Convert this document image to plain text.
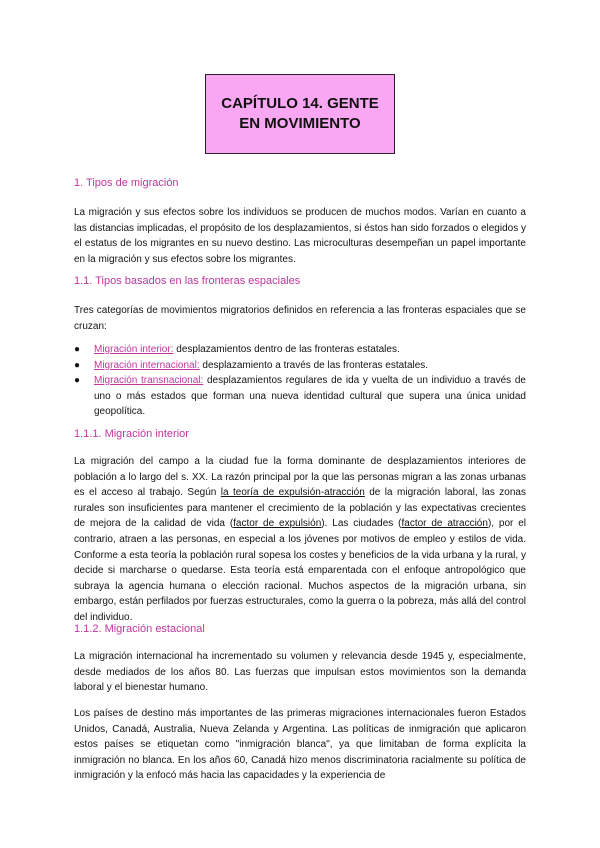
CAPÍTULO 14. GENTE
EN MOVIMIENTO
1. Tipos de migración
La migración y sus efectos sobre los individuos se producen de muchos modos. Varían en cuanto a las distancias implicadas, el propósito de los desplazamientos, si éstos han sido forzados o elegidos y el estatus de los migrantes en su nuevo destino. Las microculturas desempeñan un papel importante en la migración y sus efectos sobre los migrantes.
1.1. Tipos basados en las fronteras espaciales
Tres categorías de movimientos migratorios definidos en referencia a las fronteras espaciales que se cruzan:
● Migración interior: desplazamientos dentro de las fronteras estatales.
● Migración internacional: desplazamiento a través de las fronteras estatales.
● Migración transnacional: desplazamientos regulares de ida y vuelta de un individuo a través de uno o más estados que forman una nueva identidad cultural que supera una única unidad geopolítica.
1.1.1. Migración interior
La migración del campo a la ciudad fue la forma dominante de desplazamientos interiores de población a lo largo del s. XX. La razón principal por la que las personas migran a las zonas urbanas es el acceso al trabajo. Según la teoría de expulsión-atracción de la migración laboral, las zonas rurales son insuficientes para mantener el crecimiento de la población y las expectativas crecientes de mejora de la calidad de vida (factor de expulsión). Las ciudades (factor de atracción), por el contrario, atraen a las personas, en especial a los jóvenes por motivos de empleo y estilos de vida. Conforme a esta teoría la población rural sopesa los costes y beneficios de la vida urbana y la rural, y decide si marcharse o quedarse. Esta teoría está emparentada con el enfoque antropológico que subraya la agencia humana o elección racional. Muchos aspectos de la migración urbana, sin embargo, están perfilados por fuerzas estructurales, como la guerra o la pobreza, más allá del control del individuo.
1.1.2. Migración estacional
La migración internacional ha incrementado su volumen y relevancia desde 1945 y, especialmente, desde mediados de los años 80. Las fuerzas que impulsan estos movimientos son la demanda laboral y el bienestar humano.
Los países de destino más importantes de las primeras migraciones internacionales fueron Estados Unidos, Canadá, Australia, Nueva Zelanda y Argentina. Las políticas de inmigración que aplicaron estos países se etiquetan como "inmigración blanca", ya que limitaban de forma explícita la inmigración no blanca. En los años 60, Canadá hizo menos discriminatoria racialmente su política de inmigración y la enfocó más hacia las capacidades y la experiencia de
